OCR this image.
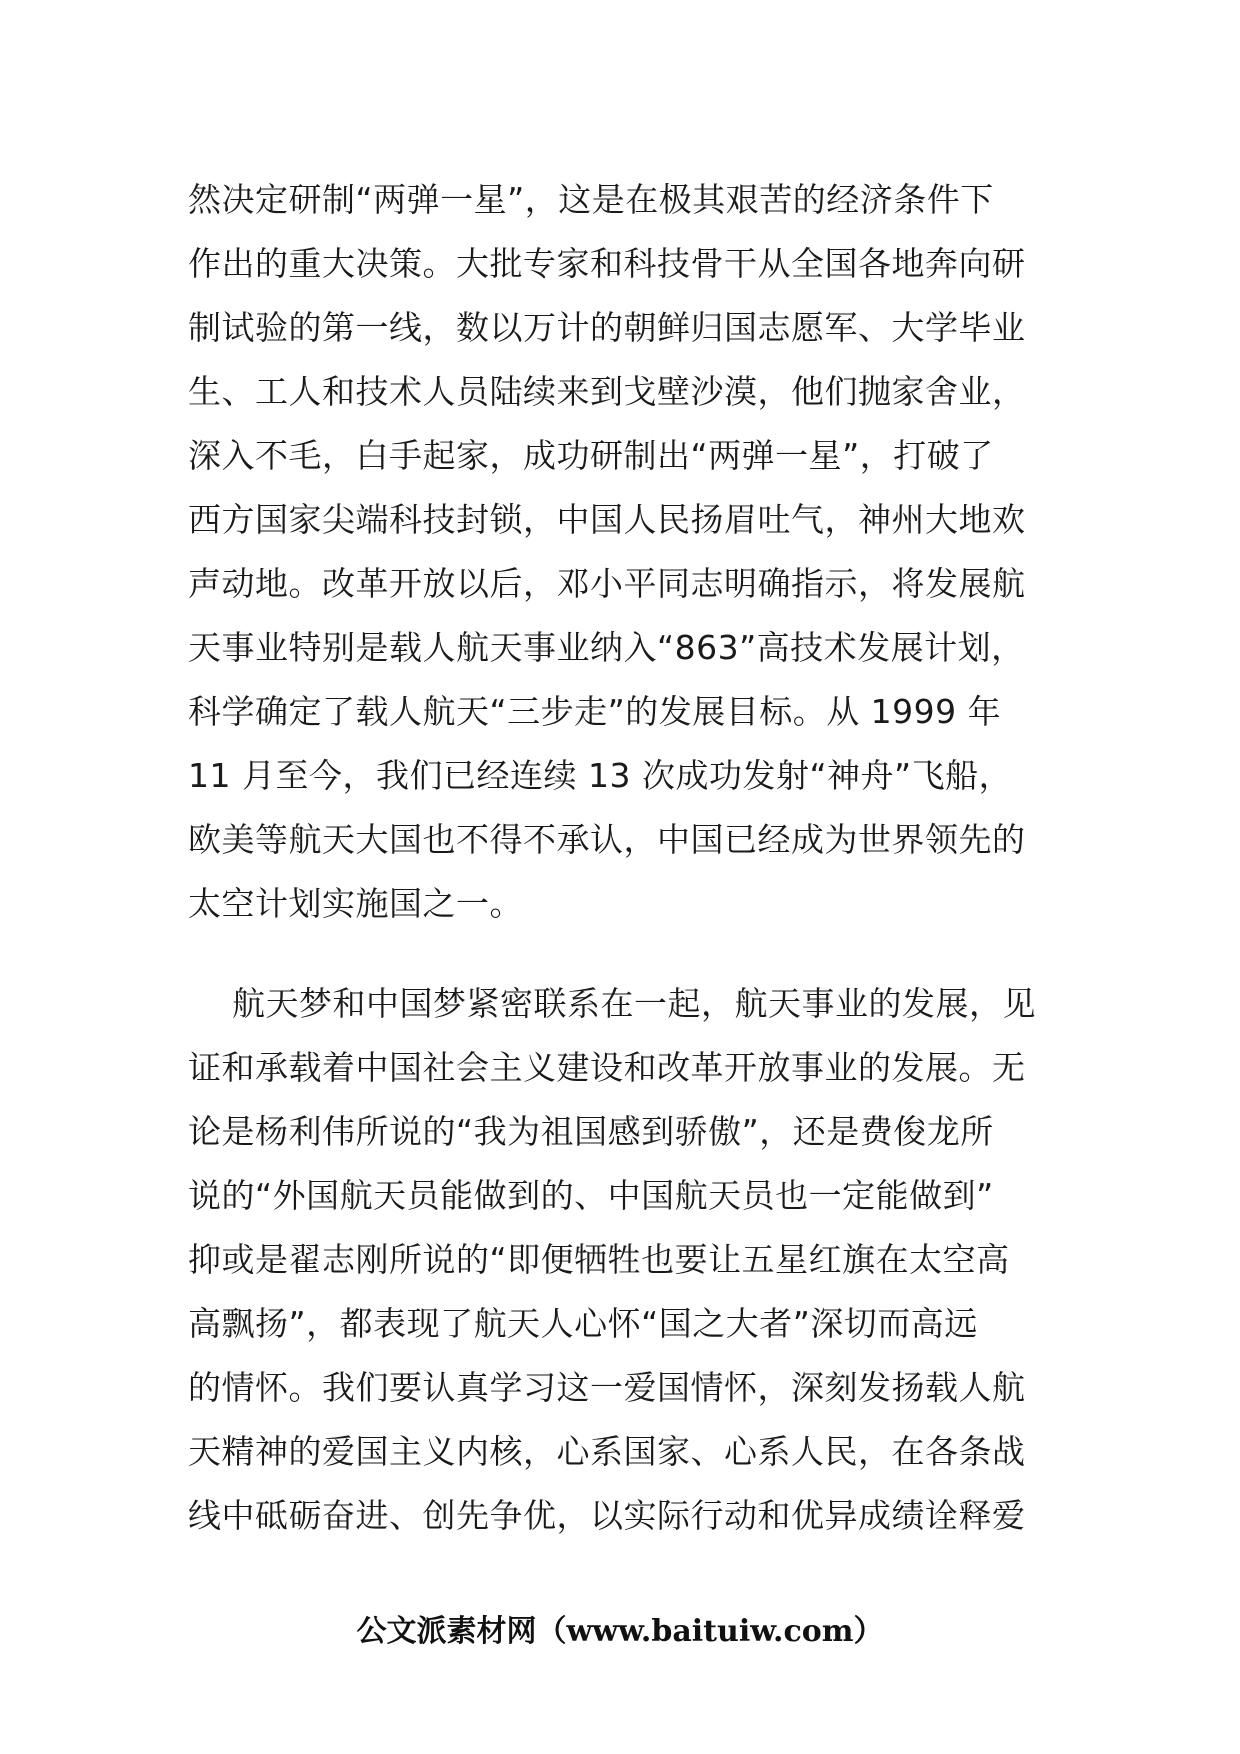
然决定研制“两弹一星”，这是在极其艰苦的经济条件下
作出的重大决策。大批专家和科技骨干从全国各地奔向研
制试验的第一线，数以万计的朝鲜归国志愿军、大学毕业
生、工人和技术人员陆续来到戈壁沙漠，他们抛家舍业，
深入不毛，白手起家，成功研制出“两弹一星”，打破了
西方国家尖端科技封锁，中国人民扬眉吐气，神州大地欢
声动地。改革开放以后，邓小平同志明确指示，将发展航
天事业特别是载人航天事业纳入“863”高技术发展计划，
科学确定了载人航天“三步走”的发展目标。从 1999 年
11 月至今，我们已经连续 13 次成功发射“神舟”飞船，
欧美等航天大国也不得不承认，中国已经成为世界领先的
太空计划实施国之一。
航天梦和中国梦紧密联系在一起，航天事业的发展，见
证和承载着中国社会主义建设和改革开放事业的发展。无
论是杨利伟所说的“我为祖国感到骄傲”，还是费俊龙所
说的“外国航天员能做到的、中国航天员也一定能做到”
抑或是翟志刚所说的“即便牺牲也要让五星红旗在太空高
高飘扬”，都表现了航天人心怀“国之大者”深切而高远
的情怀。我们要认真学习这一爱国情怀，深刻发扬载人航
天精神的爱国主义内核，心系国家、心系人民，在各条战
线中砥砺奋进、创先争优，以实际行动和优异成绩诠释爱
公文派素材网（www.baituiw.com）
